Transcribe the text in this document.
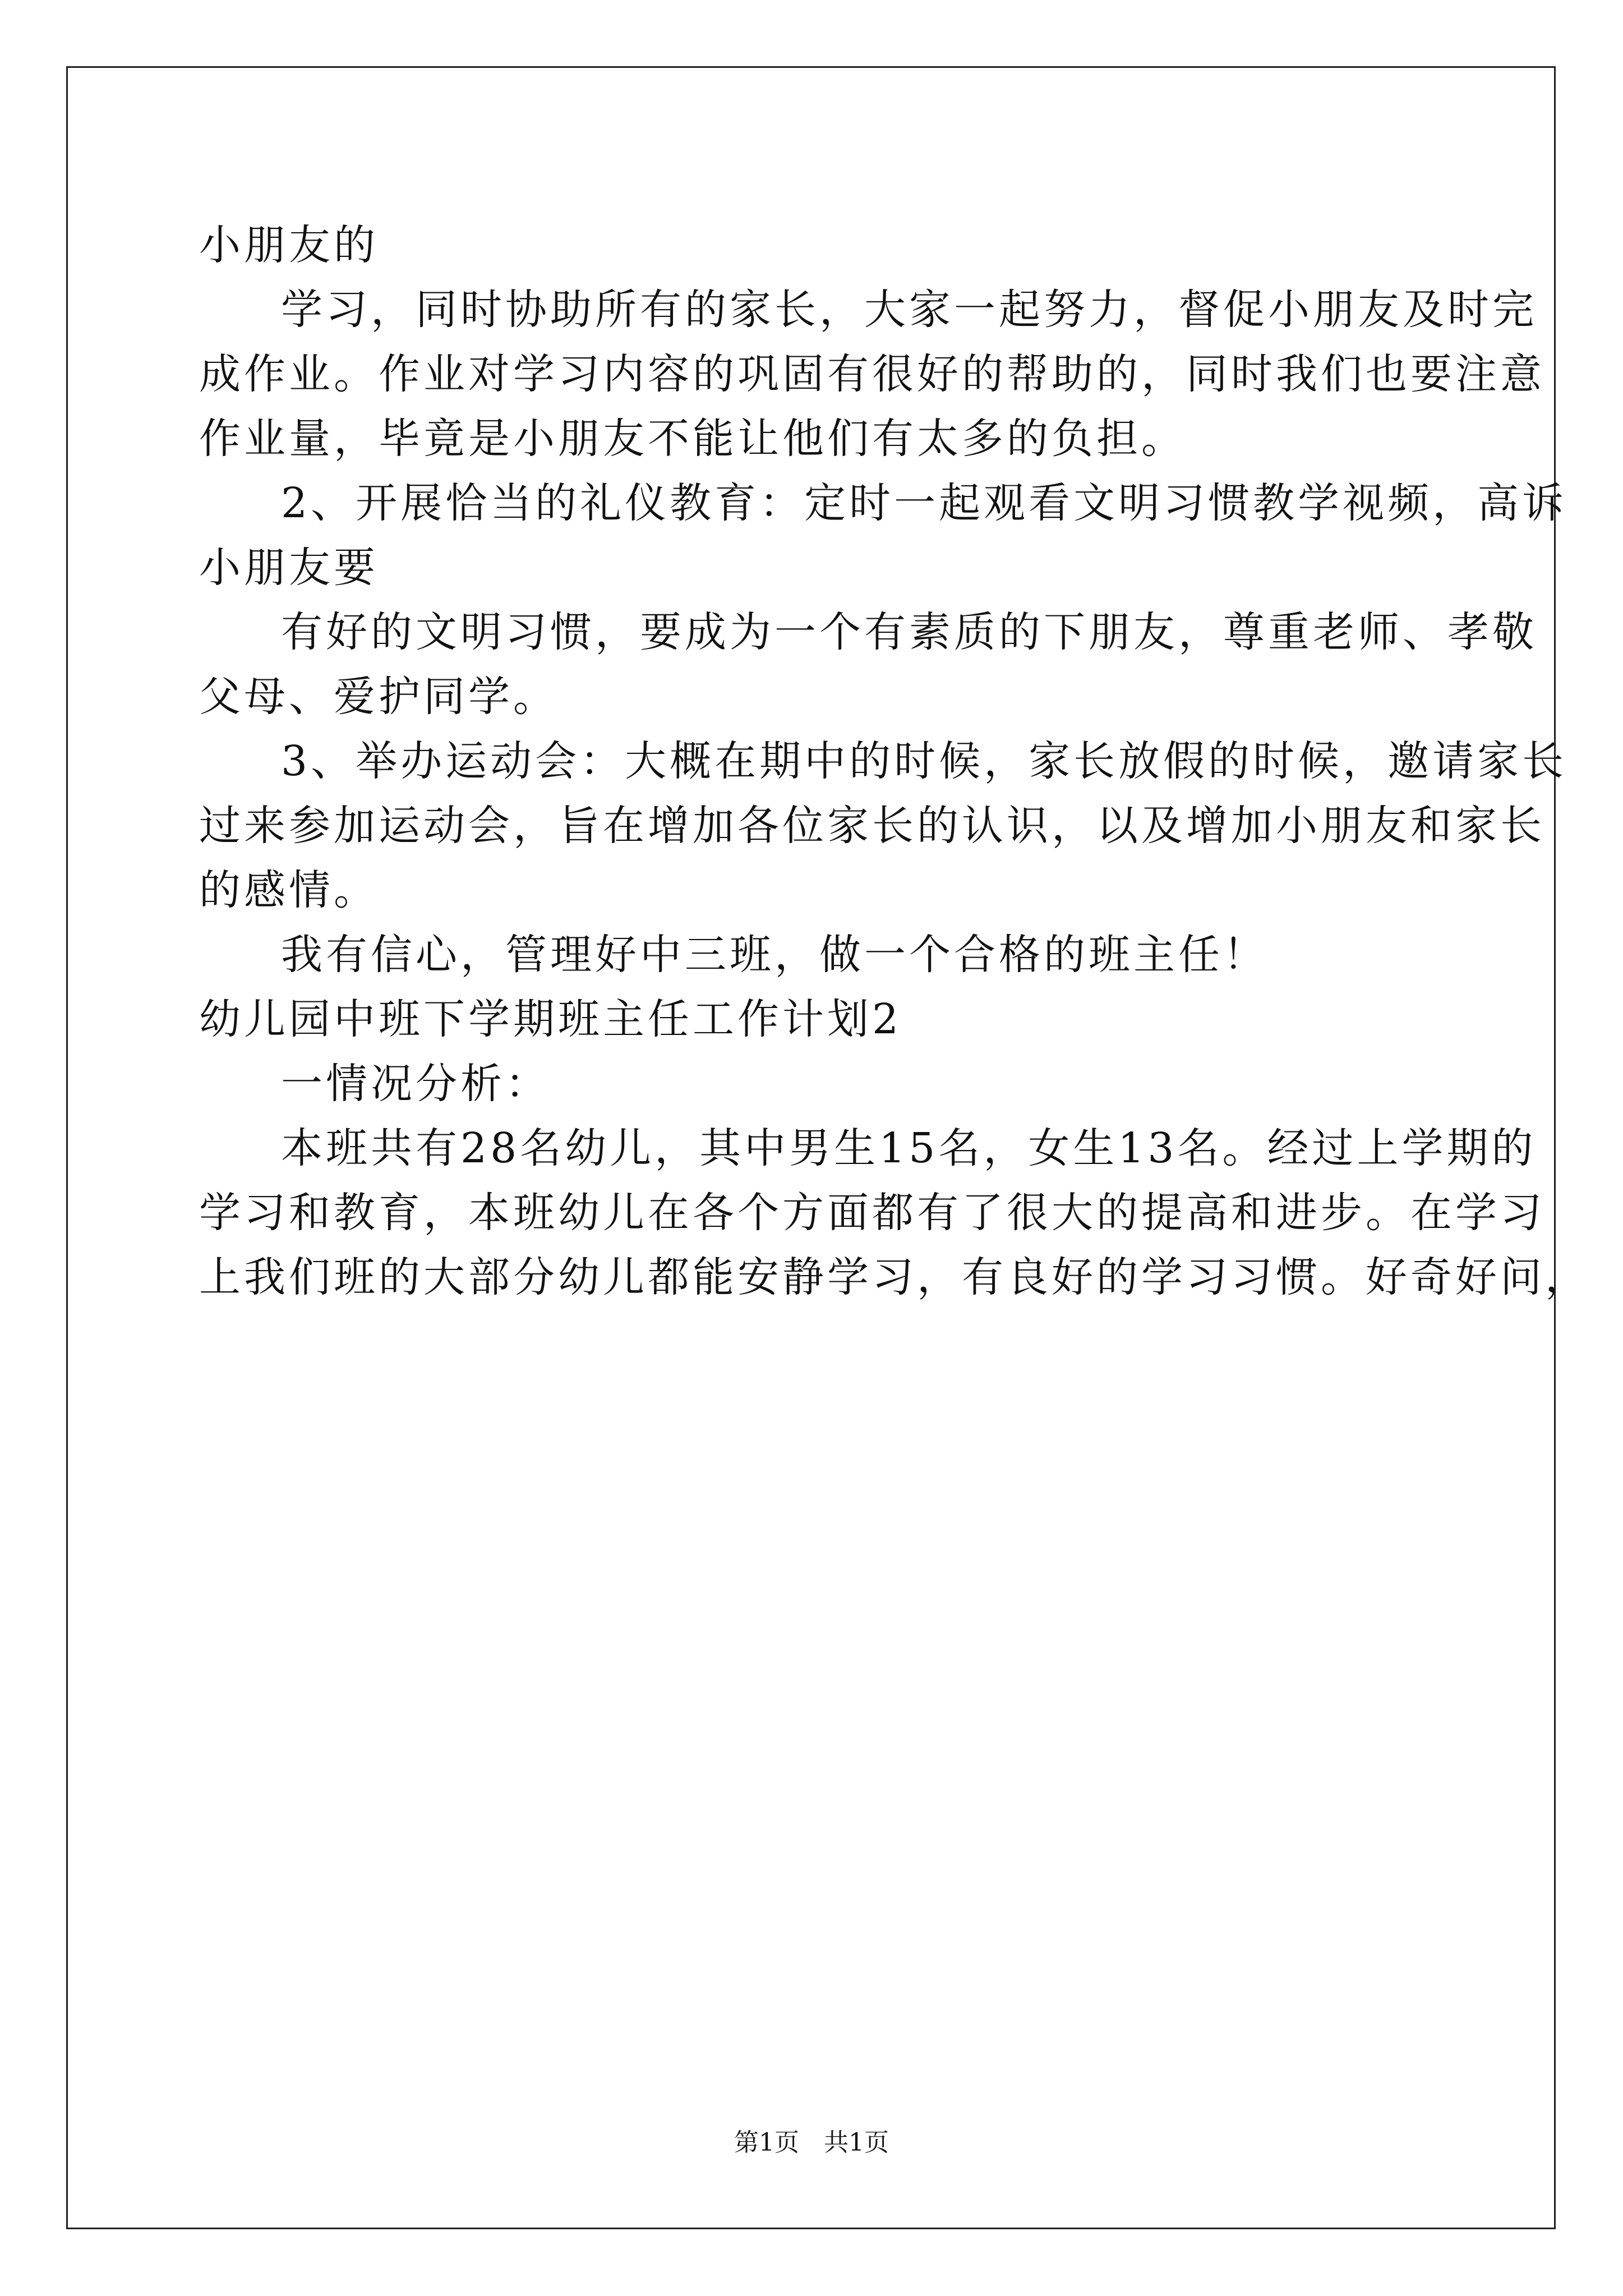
小朋友的
学习，同时协助所有的家长，大家一起努力，督促小朋友及时完
成作业。作业对学习内容的巩固有很好的帮助的，同时我们也要注意
作业量，毕竟是小朋友不能让他们有太多的负担。
2、开展恰当的礼仪教育：定时一起观看文明习惯教学视频，高诉
小朋友要
有好的文明习惯，要成为一个有素质的下朋友，尊重老师、孝敬
父母、爱护同学。
3、举办运动会：大概在期中的时候，家长放假的时候，邀请家长
过来参加运动会，旨在增加各位家长的认识，以及增加小朋友和家长
的感情。
我有信心，管理好中三班，做一个合格的班主任！
幼儿园中班下学期班主任工作计划2
一情况分析：
本班共有28名幼儿，其中男生15名，女生13名。经过上学期的
学习和教育，本班幼儿在各个方面都有了很大的提高和进步。在学习
上我们班的大部分幼儿都能安静学习，有良好的学习习惯。好奇好问，
第1页　共1页
